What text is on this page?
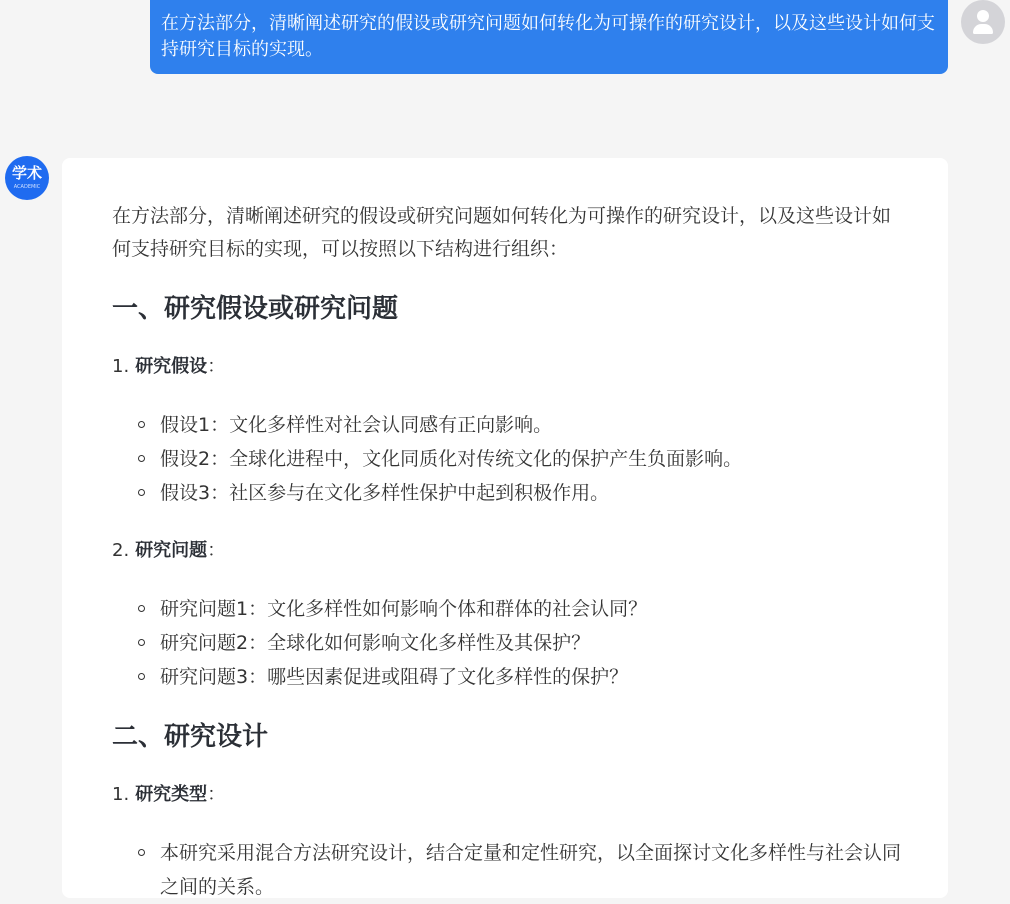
在方法部分，清晰阐述研究的假设或研究问题如何转化为可操作的研究设计，以及这些设计如何支持研究目标的实现。
学术
ACADEMIC

在方法部分，清晰阐述研究的假设或研究问题如何转化为可操作的研究设计，以及这些设计如何支持研究目标的实现，可以按照以下结构进行组织：

一、研究假设或研究问题
1. 研究假设：
假设1：文化多样性对社会认同感有正向影响。
假设2：全球化进程中，文化同质化对传统文化的保护产生负面影响。
假设3：社区参与在文化多样性保护中起到积极作用。
2. 研究问题：
研究问题1：文化多样性如何影响个体和群体的社会认同？
研究问题2：全球化如何影响文化多样性及其保护？
研究问题3：哪些因素促进或阻碍了文化多样性的保护？
二、研究设计
1. 研究类型：
本研究采用混合方法研究设计，结合定量和定性研究，以全面探讨文化多样性与社会认同之间的关系。
